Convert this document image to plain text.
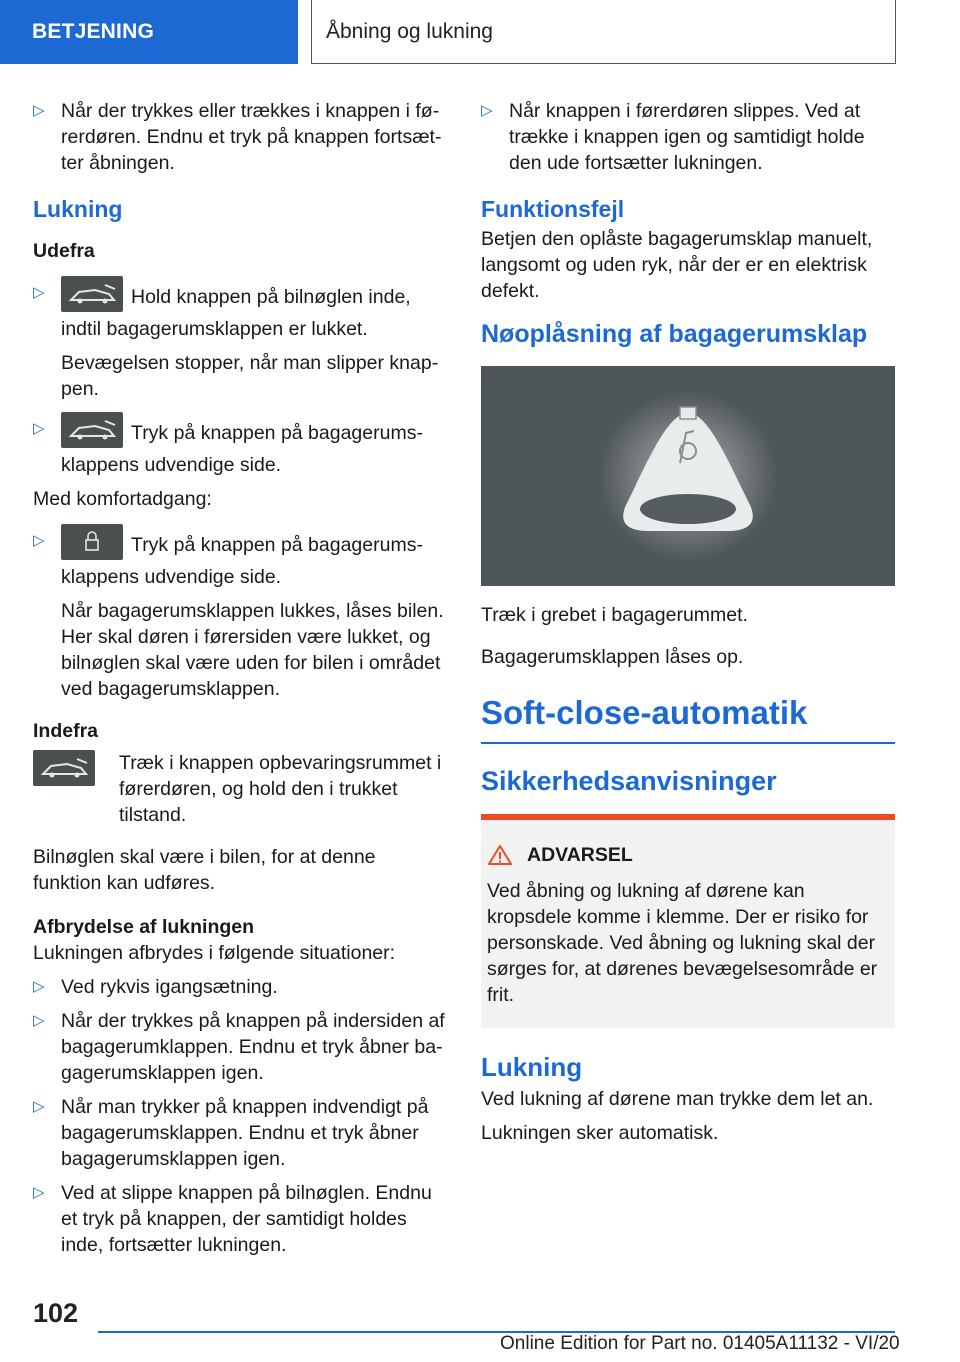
BETJENING	Åbning og lukning
▷ Når der trykkes eller trækkes i knappen i førerdøren. Endnu et tryk på knappen fortsætter åbningen.
Lukning
Udefra
▷	Hold knappen på bilnøglen inde, indtil bagagerumsklappen er lukket.
Bevægelsen stopper, når man slipper knappen.
▷	Tryk på knappen på bagagerumsklappens udvendige side.

Med komfortadgang:

▷	Tryk på knappen på bagagerumsklappens udvendige side.
Når bagagerumsklappen lukkes, låses bilen. Her skal døren i førersiden være lukket, og bilnøglen skal være uden for bilen i området ved bagagerumsklappen.
Indefra
Træk i knappen opbevaringsrummet i førerdøren, og hold den i trukket tilstand.

Bilnøglen skal være i bilen, for at denne funktion kan udføres.

Afbrydelse af lukningen

Lukningen afbrydes i følgende situationer:

▷ Ved rykvis igangsætning.
▷ Når der trykkes på knappen på indersiden af bagagerumklappen. Endnu et tryk åbner bagagerumsklappen igen.
▷ Når man trykker på knappen indvendigt på bagagerumsklappen. Endnu et tryk åbner bagagerumsklappen igen.
▷ Ved at slippe knappen på bilnøglen. Endnu et tryk på knappen, der samtidigt holdes inde, fortsætter lukningen.
▷ Når knappen i førerdøren slippes. Ved at trække i knappen igen og samtidigt holde den ude fortsætter lukningen.
Funktionsfejl

Betjen den oplåste bagagerumsklap manuelt, langsomt og uden ryk, når der er en elektrisk defekt.

Nøoplåsning af bagagerumsklap

Træk i grebet i bagagerummet.

Bagagerumsklappen låses op.

Soft-close-automatik
Sikkerhedsanvisninger
ADVARSEL
Ved åbning og lukning af dørene kan kropsdele komme i klemme. Der er risiko for personskade. Ved åbning og lukning skal der sørges for, at dørenes bevægelsesområde er frit.
Lukning

Ved lukning af dørene man trykke dem let an.

Lukningen sker automatisk.

102
Online Edition for Part no. 01405A11132 - VI/20
